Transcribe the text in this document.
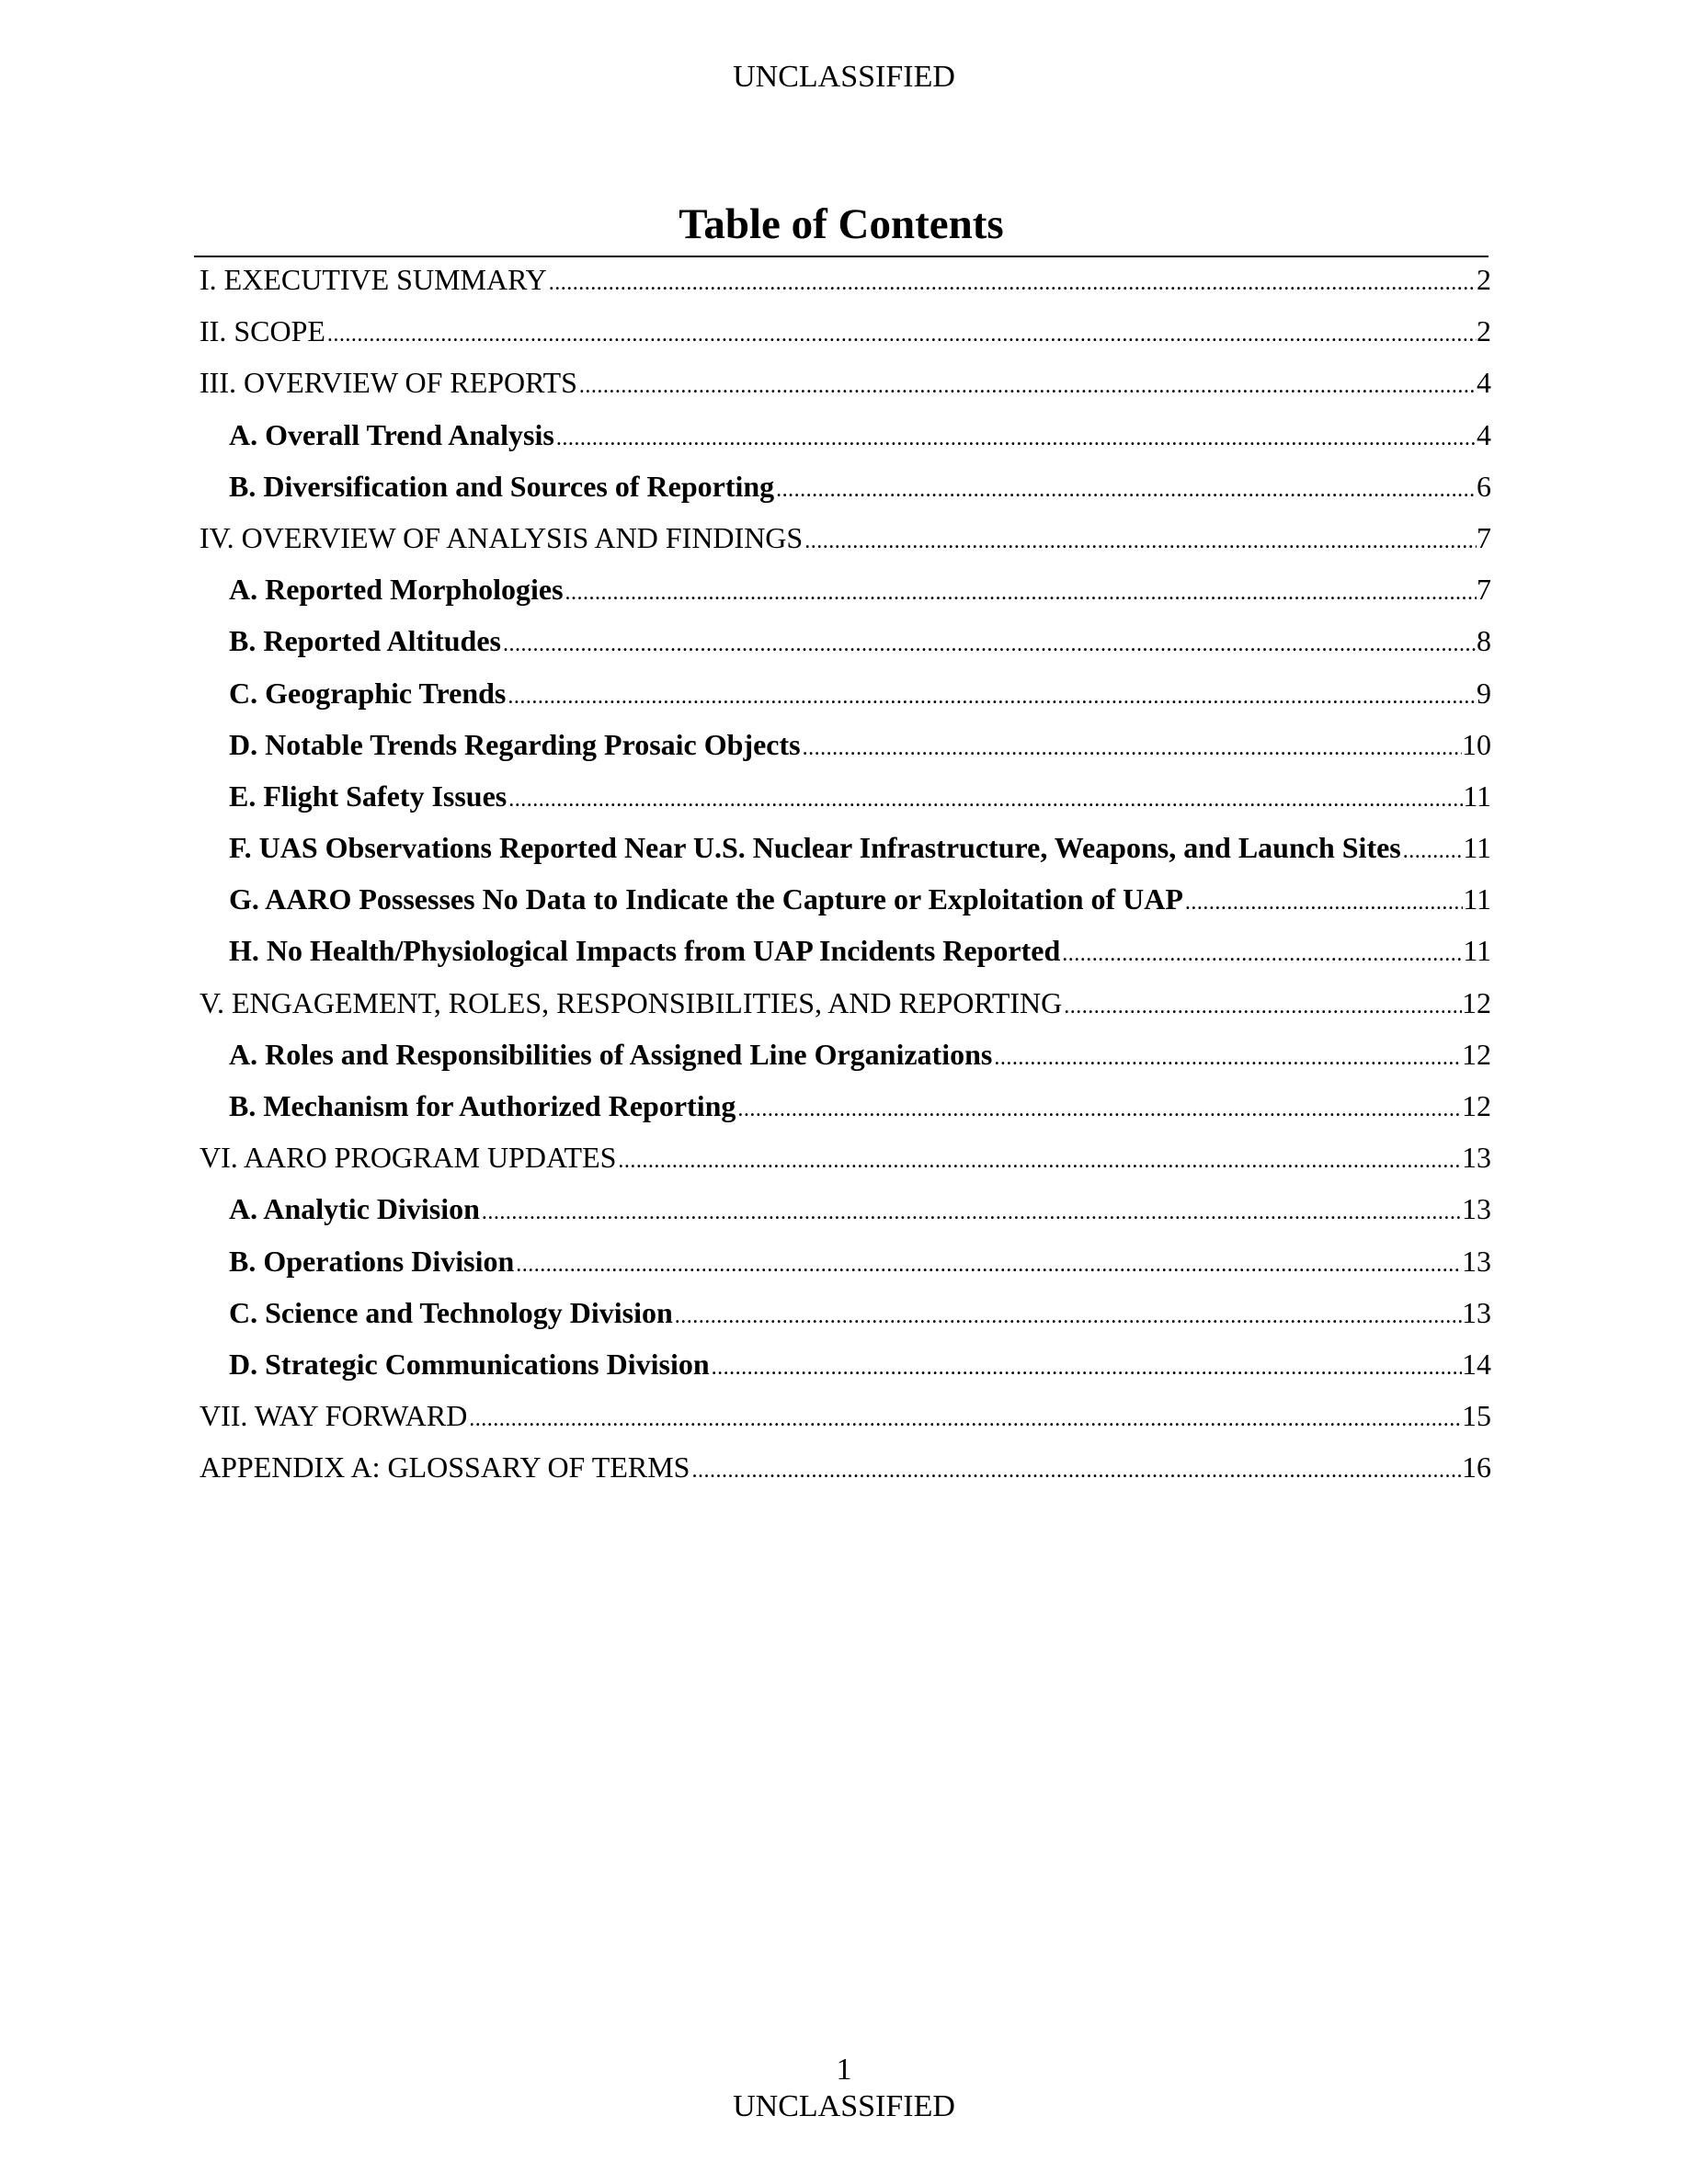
UNCLASSIFIED
Table of Contents
I. EXECUTIVE SUMMARY .....	2
II. SCOPE .....	2
III. OVERVIEW OF REPORTS .....	4
A. Overall Trend Analysis .....	4
B. Diversification and Sources of Reporting .....	6
IV. OVERVIEW OF ANALYSIS AND FINDINGS .....	7
A. Reported Morphologies .....	7
B. Reported Altitudes .....	8
C. Geographic Trends .....	9
D. Notable Trends Regarding Prosaic Objects .....	10
E. Flight Safety Issues .....	11
F. UAS Observations Reported Near U.S. Nuclear Infrastructure, Weapons, and Launch Sites ..... 11
G. AARO Possesses No Data to Indicate the Capture or Exploitation of UAP .....	11
H. No Health/Physiological Impacts from UAP Incidents Reported .....	11
V. ENGAGEMENT, ROLES, RESPONSIBILITIES, AND REPORTING .....	12
A. Roles and Responsibilities of Assigned Line Organizations .....	12
B. Mechanism for Authorized Reporting .....	12
VI. AARO PROGRAM UPDATES .....	13
A. Analytic Division .....	13
B. Operations Division .....	13
C. Science and Technology Division .....	13
D. Strategic Communications Division .....	14
VII. WAY FORWARD .....	15
APPENDIX A: GLOSSARY OF TERMS .....	16
1
UNCLASSIFIED
